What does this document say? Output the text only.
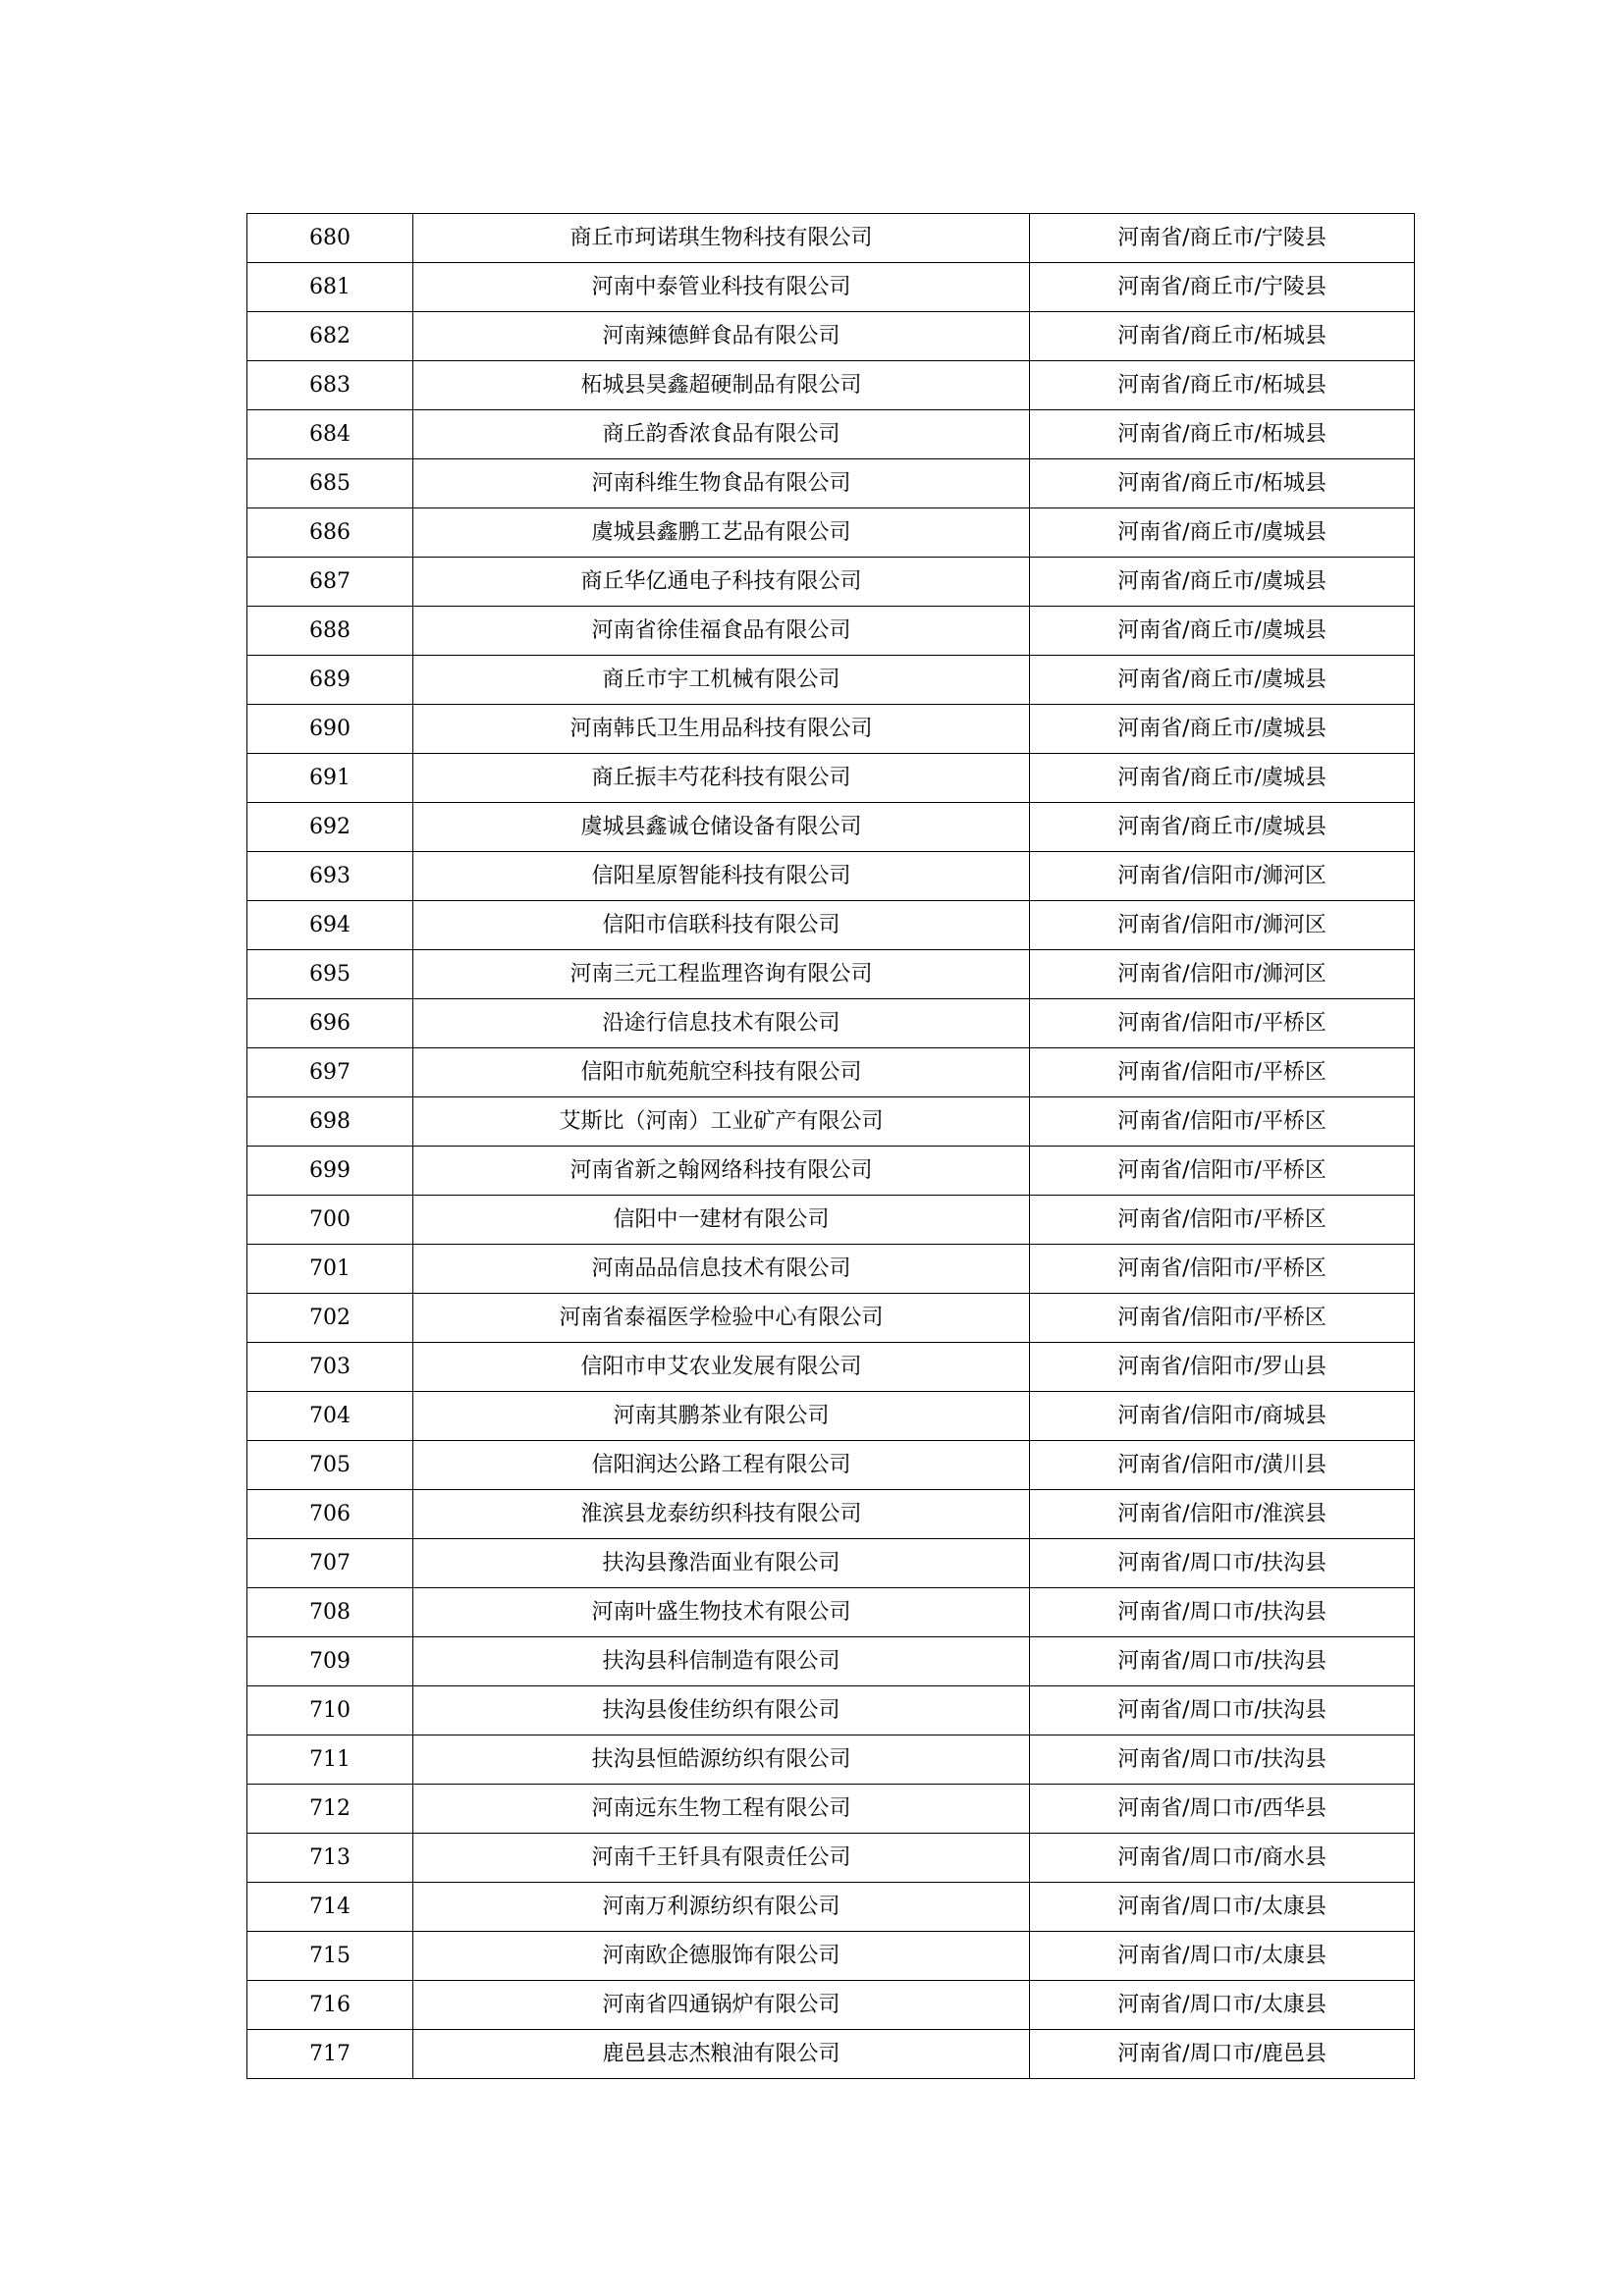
680	商丘市珂诺琪生物科技有限公司	河南省/商丘市/宁陵县
681	河南中泰管业科技有限公司	河南省/商丘市/宁陵县
682	河南辣德鲜食品有限公司	河南省/商丘市/柘城县
683	柘城县昊鑫超硬制品有限公司	河南省/商丘市/柘城县
684	商丘韵香浓食品有限公司	河南省/商丘市/柘城县
685	河南科维生物食品有限公司	河南省/商丘市/柘城县
686	虞城县鑫鹏工艺品有限公司	河南省/商丘市/虞城县
687	商丘华亿通电子科技有限公司	河南省/商丘市/虞城县
688	河南省徐佳福食品有限公司	河南省/商丘市/虞城县
689	商丘市宇工机械有限公司	河南省/商丘市/虞城县
690	河南韩氏卫生用品科技有限公司	河南省/商丘市/虞城县
691	商丘振丰芍花科技有限公司	河南省/商丘市/虞城县
692	虞城县鑫诚仓储设备有限公司	河南省/商丘市/虞城县
693	信阳星原智能科技有限公司	河南省/信阳市/浉河区
694	信阳市信联科技有限公司	河南省/信阳市/浉河区
695	河南三元工程监理咨询有限公司	河南省/信阳市/浉河区
696	沿途行信息技术有限公司	河南省/信阳市/平桥区
697	信阳市航苑航空科技有限公司	河南省/信阳市/平桥区
698	艾斯比（河南）工业矿产有限公司	河南省/信阳市/平桥区
699	河南省新之翰网络科技有限公司	河南省/信阳市/平桥区
700	信阳中一建材有限公司	河南省/信阳市/平桥区
701	河南品品信息技术有限公司	河南省/信阳市/平桥区
702	河南省泰福医学检验中心有限公司	河南省/信阳市/平桥区
703	信阳市申艾农业发展有限公司	河南省/信阳市/罗山县
704	河南其鹏茶业有限公司	河南省/信阳市/商城县
705	信阳润达公路工程有限公司	河南省/信阳市/潢川县
706	淮滨县龙泰纺织科技有限公司	河南省/信阳市/淮滨县
707	扶沟县豫浩面业有限公司	河南省/周口市/扶沟县
708	河南叶盛生物技术有限公司	河南省/周口市/扶沟县
709	扶沟县科信制造有限公司	河南省/周口市/扶沟县
710	扶沟县俊佳纺织有限公司	河南省/周口市/扶沟县
711	扶沟县恒皓源纺织有限公司	河南省/周口市/扶沟县
712	河南远东生物工程有限公司	河南省/周口市/西华县
713	河南千王钎具有限责任公司	河南省/周口市/商水县
714	河南万利源纺织有限公司	河南省/周口市/太康县
715	河南欧企德服饰有限公司	河南省/周口市/太康县
716	河南省四通锅炉有限公司	河南省/周口市/太康县
717	鹿邑县志杰粮油有限公司	河南省/周口市/鹿邑县
